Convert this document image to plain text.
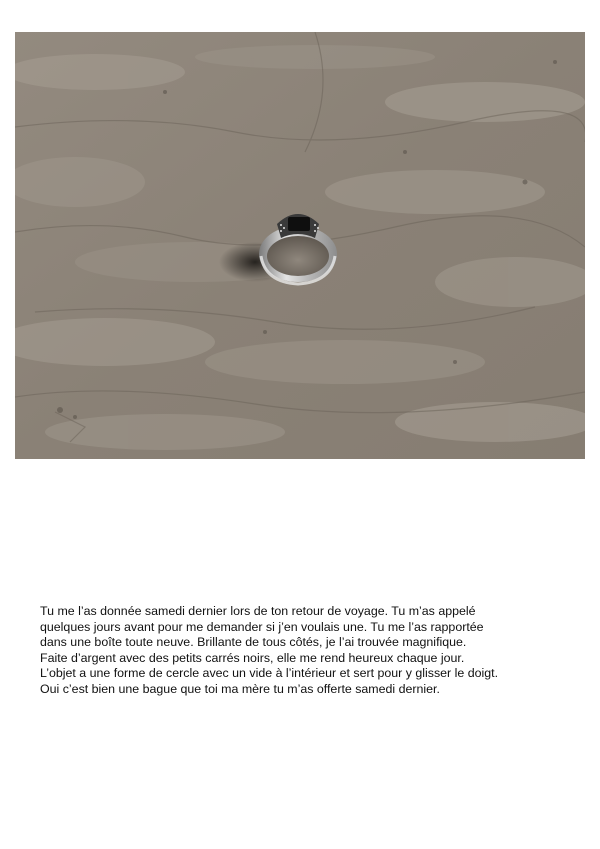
Tu me l’as donnée samedi dernier lors de ton retour de voyage. Tu m’as appelé
quelques jours avant pour me demander si j’en voulais une. Tu me l’as rapportée
dans une boîte toute neuve. Brillante de tous côtés, je l’ai trouvée magnifique.
Faite d’argent avec des petits carrés noirs, elle me rend heureux chaque jour.
L’objet a une forme de cercle avec un vide à l’intérieur et sert pour y glisser le doigt.
Oui c’est bien une bague que toi ma mère tu m’as offerte samedi dernier.
